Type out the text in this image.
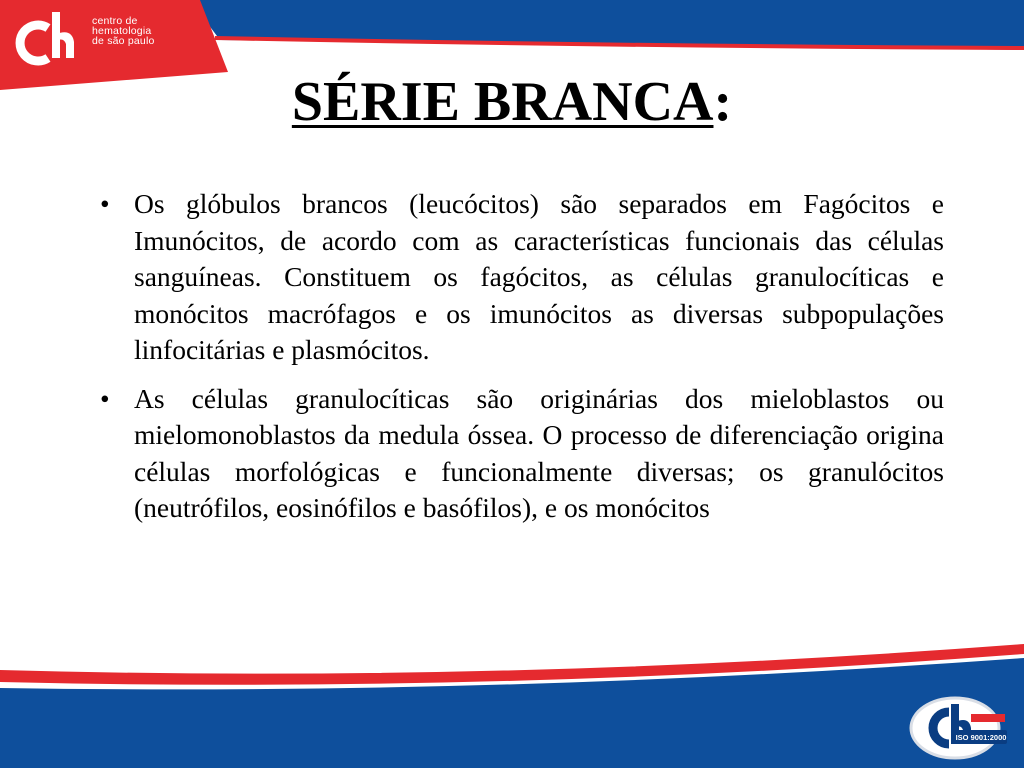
centro de
hematologia
de são paulo
SÉRIE BRANCA:
• Os glóbulos brancos (leucócitos) são separados em Fagócitos e Imunócitos, de acordo com as características funcionais das células sanguíneas. Constituem os fagócitos, as células granulocíticas e monócitos macrófagos e os imunócitos as diversas subpopulações linfocitárias e plasmócitos.
• As células granulocíticas são originárias dos mieloblastos ou mielomonoblastos da medula óssea. O processo de diferenciação origina células morfológicas e funcionalmente diversas; os granulócitos (neutrófilos, eosinófilos e basófilos), e os monócitos
ISO 9001:2000
